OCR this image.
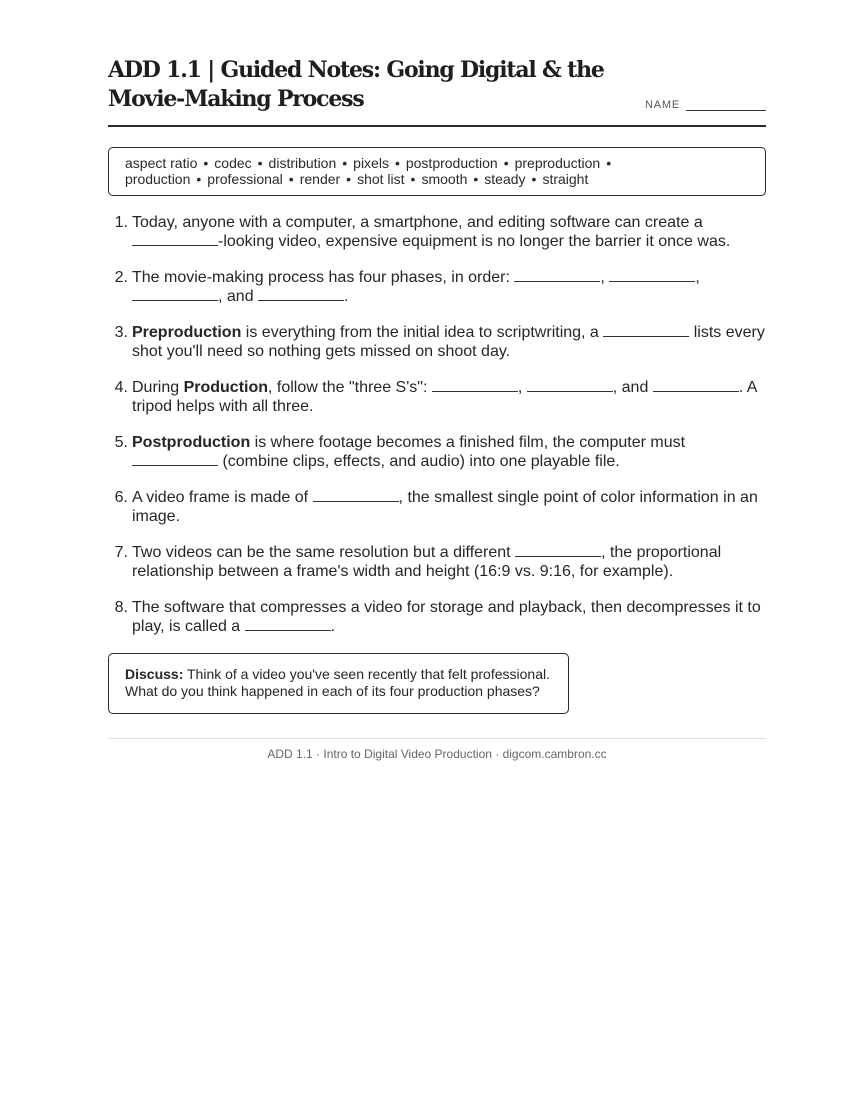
ADD 1.1 | Guided Notes: Going Digital & the Movie-Making Process	NAME
aspect ratio • codec • distribution • pixels • postproduction • preproduction •
production • professional • render • shot list • smooth • steady • straight
1. Today, anyone with a computer, a smartphone, and editing software can create a -looking video, expensive equipment is no longer the barrier it once was.
2. The movie-making process has four phases, in order:	,	, , and	.
3. Preproduction is everything from the initial idea to scriptwriting, a	lists every shot you'll need so nothing gets missed on shoot day.
4. During Production, follow the "three S's":	,	, and	. A tripod helps with all three.
5. Postproduction is where footage becomes a finished film, the computer must  (combine clips, effects, and audio) into one playable file.
6. A video frame is made of	, the smallest single point of color information in an image.
7. Two videos can be the same resolution but a different	, the proportional relationship between a frame's width and height (16:9 vs. 9:16, for example).
8. The software that compresses a video for storage and playback, then decompresses it to play, is called a	.
Discuss: Think of a video you've seen recently that felt professional. What do you think happened in each of its four production phases?
ADD 1.1 · Intro to Digital Video Production · digcom.cambron.cc
